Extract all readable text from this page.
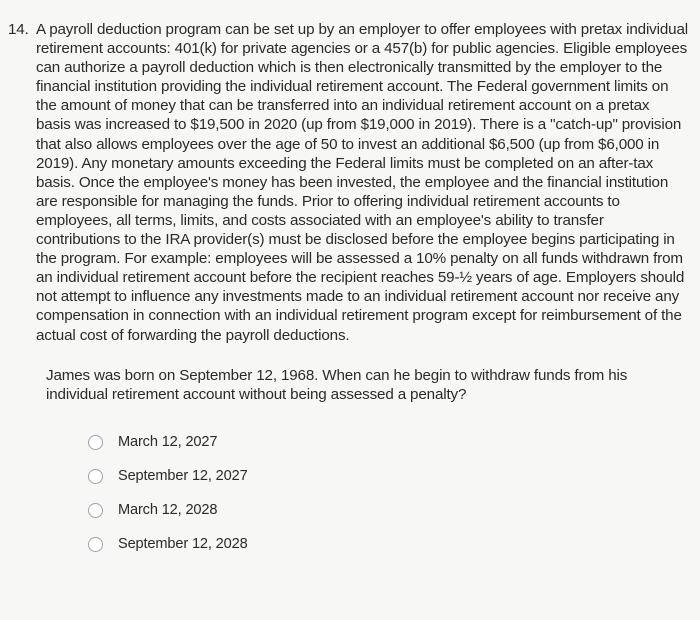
14. A payroll deduction program can be set up by an employer to offer employees with pretax individual retirement accounts: 401(k) for private agencies or a 457(b) for public agencies. Eligible employees can authorize a payroll deduction which is then electronically transmitted by the employer to the financial institution providing the individual retirement account. The Federal government limits on the amount of money that can be transferred into an individual retirement account on a pretax basis was increased to $19,500 in 2020 (up from $19,000 in 2019). There is a "catch-up" provision that also allows employees over the age of 50 to invest an additional $6,500 (up from $6,000 in 2019). Any monetary amounts exceeding the Federal limits must be completed on an after-tax basis. Once the employee's money has been invested, the employee and the financial institution are responsible for managing the funds. Prior to offering individual retirement accounts to employees, all terms, limits, and costs associated with an employee's ability to transfer contributions to the IRA provider(s) must be disclosed before the employee begins participating in the program. For example: employees will be assessed a 10% penalty on all funds withdrawn from an individual retirement account before the recipient reaches 59-½ years of age. Employers should not attempt to influence any investments made to an individual retirement account nor receive any compensation in connection with an individual retirement program except for reimbursement of the actual cost of forwarding the payroll deductions.

James was born on September 12, 1968. When can he begin to withdraw funds from his individual retirement account without being assessed a penalty?

March 12, 2027
September 12, 2027
March 12, 2028
September 12, 2028
